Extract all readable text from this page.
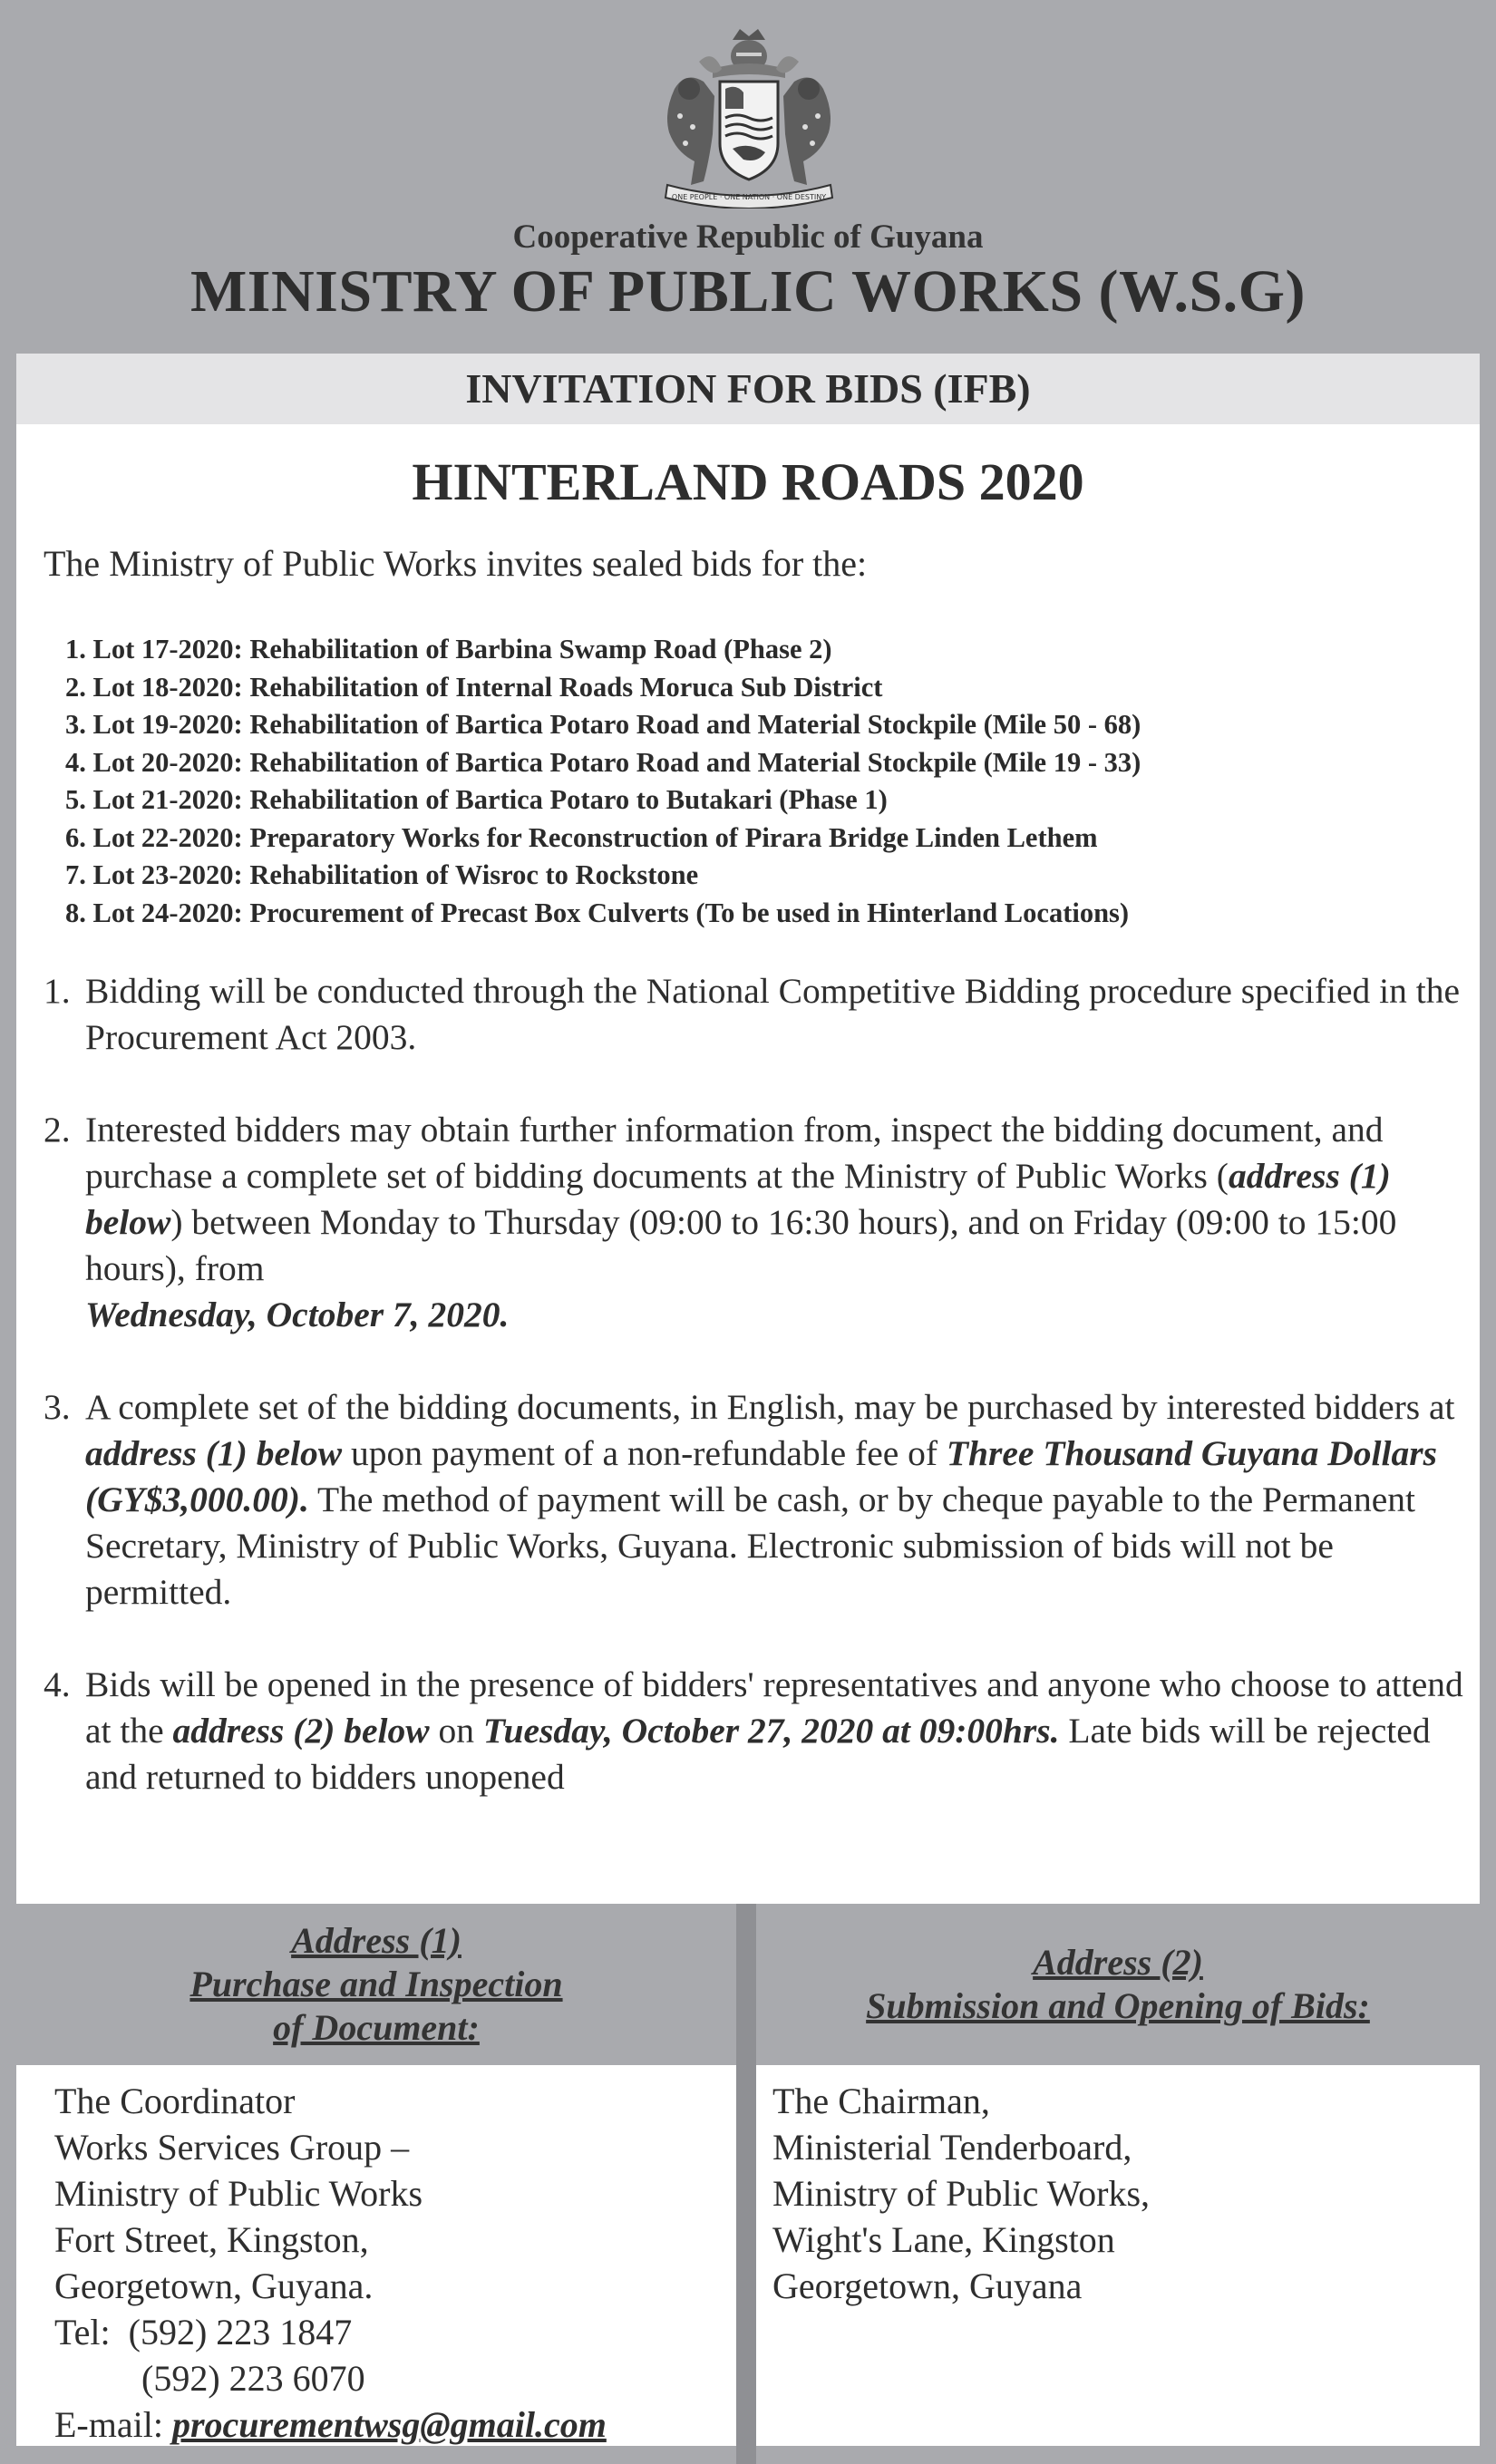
ONE PEOPLE · ONE NATION · ONE DESTINY
Cooperative Republic of Guyana
MINISTRY OF PUBLIC WORKS (W.S.G)
INVITATION FOR BIDS (IFB)
HINTERLAND ROADS 2020
The Ministry of Public Works invites sealed bids for the:
1. Lot 17-2020: Rehabilitation of Barbina Swamp Road (Phase 2)
2. Lot 18-2020: Rehabilitation of Internal Roads Moruca Sub District
3. Lot 19-2020: Rehabilitation of Bartica Potaro Road and Material Stockpile (Mile 50 - 68)
4. Lot 20-2020: Rehabilitation of Bartica Potaro Road and Material Stockpile (Mile 19 - 33)
5. Lot 21-2020: Rehabilitation of Bartica Potaro to Butakari (Phase 1)
6. Lot 22-2020: Preparatory Works for Reconstruction of Pirara Bridge Linden Lethem
7. Lot 23-2020: Rehabilitation of Wisroc to Rockstone
8. Lot 24-2020: Procurement of Precast Box Culverts (To be used in Hinterland Locations)
1. Bidding will be conducted through the National Competitive Bidding procedure specified in the Procurement Act 2003.
2. Interested bidders may obtain further information from, inspect the bidding document, and purchase a complete set of bidding documents at the Ministry of Public Works (address (1) below) between Monday to Thursday (09:00 to 16:30 hours), and on Friday (09:00 to 15:00 hours), from
Wednesday, October 7, 2020.
3. A complete set of the bidding documents, in English, may be purchased by interested bidders at address (1) below upon payment of a non-refundable fee of Three Thousand Guyana Dollars (GY$3,000.00). The method of payment will be cash, or by cheque payable to the Permanent Secretary, Ministry of Public Works, Guyana. Electronic submission of bids will not be permitted.
4. Bids will be opened in the presence of bidders' representatives and anyone who choose to attend at the address (2) below on Tuesday, October 27, 2020 at 09:00hrs. Late bids will be rejected and returned to bidders unopened
Address (1)
Purchase and Inspection
of Document:
Address (2)
Submission and Opening of Bids:
The Coordinator
Works Services Group –
Ministry of Public Works
Fort Street, Kingston,
Georgetown, Guyana.
Tel: (592) 223 1847
(592) 223 6070
E-mail: procurementwsg@gmail.com
The Chairman,
Ministerial Tenderboard,
Ministry of Public Works,
Wight's Lane, Kingston
Georgetown, Guyana
